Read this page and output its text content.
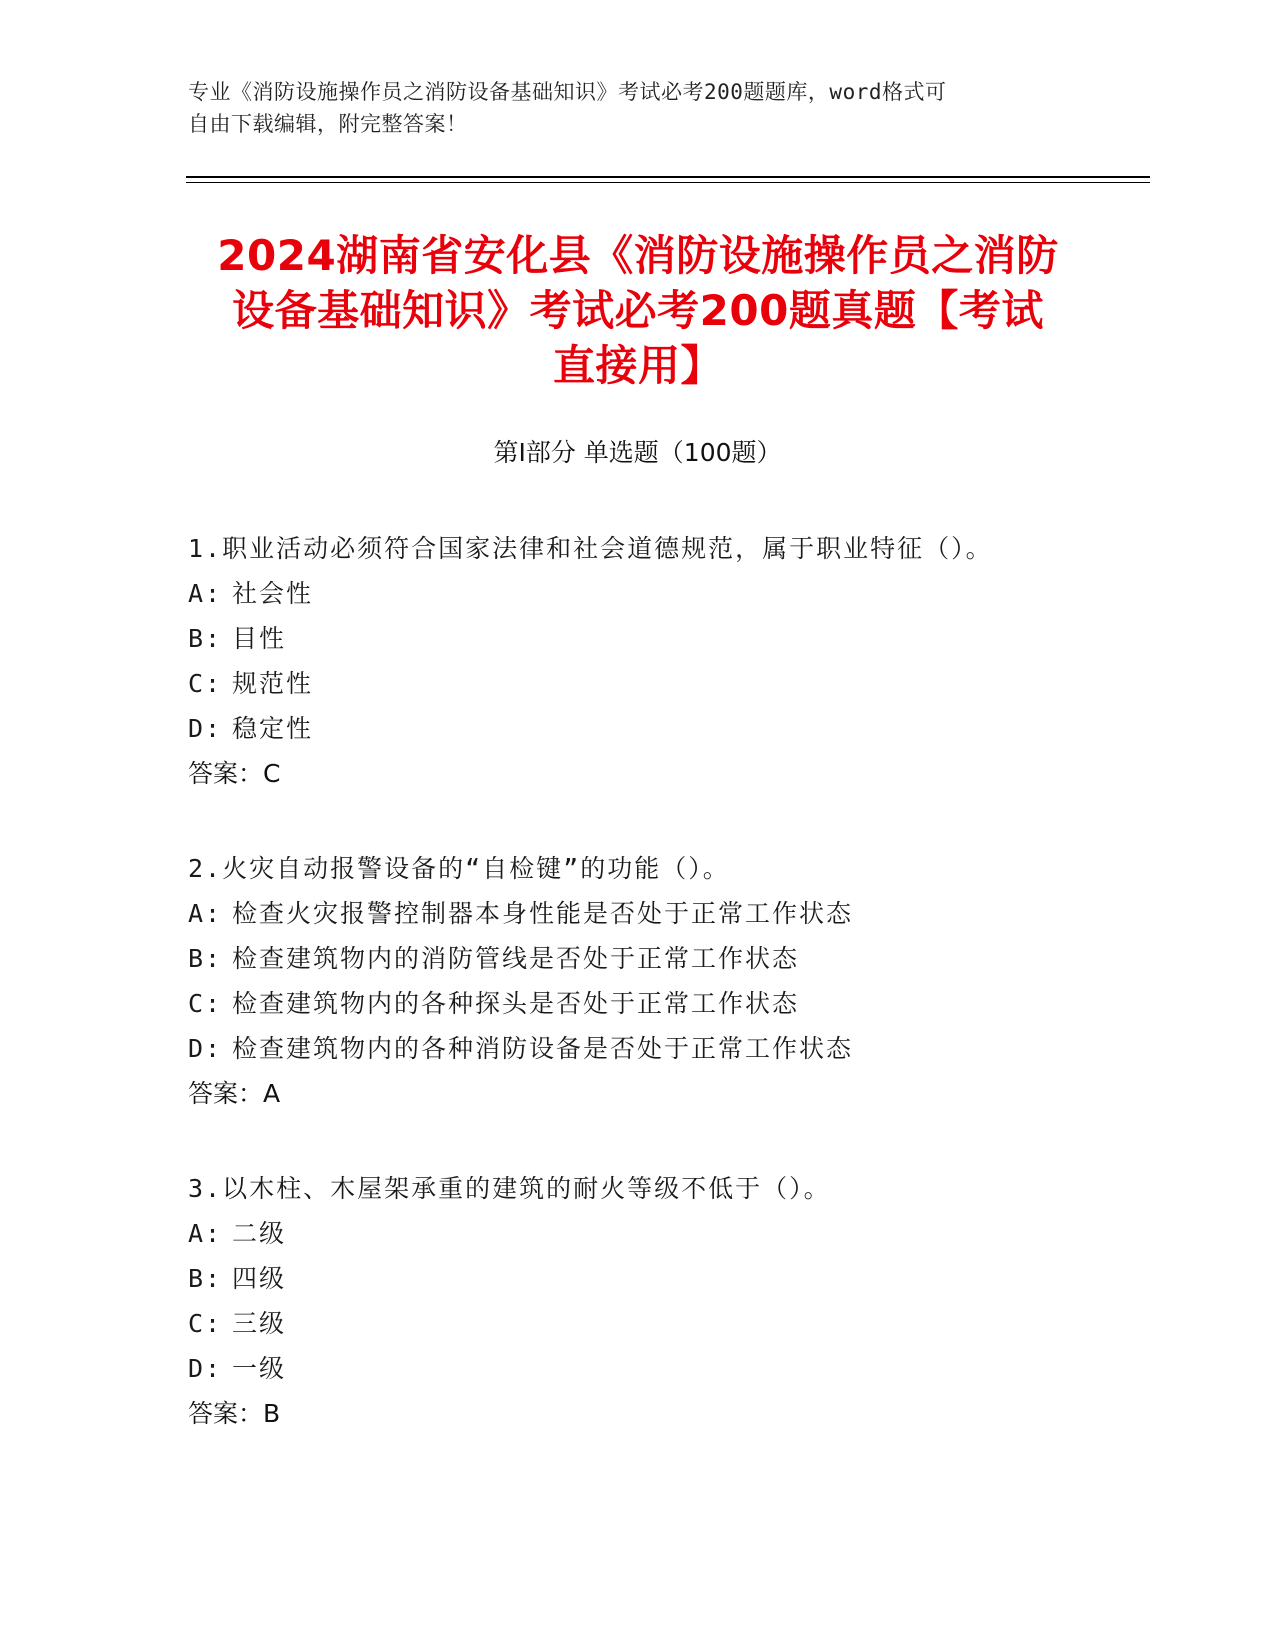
专业《消防设施操作员之消防设备基础知识》考试必考200题题库，word格式可
自由下载编辑，附完整答案！
2024湖南省安化县《消防设施操作员之消防
设备基础知识》考试必考200题真题【考试
直接用】
第Ⅰ部分 单选题（100题）
1.职业活动必须符合国家法律和社会道德规范，属于职业特征（）。
A: 社会性
B: 目性
C: 规范性
D: 稳定性
答案：C
2.火灾自动报警设备的“自检键”的功能（）。
A: 检查火灾报警控制器本身性能是否处于正常工作状态
B: 检查建筑物内的消防管线是否处于正常工作状态
C: 检查建筑物内的各种探头是否处于正常工作状态
D: 检查建筑物内的各种消防设备是否处于正常工作状态
答案：A
3.以木柱、木屋架承重的建筑的耐火等级不低于（）。
A: 二级
B: 四级
C: 三级
D: 一级
答案：B
